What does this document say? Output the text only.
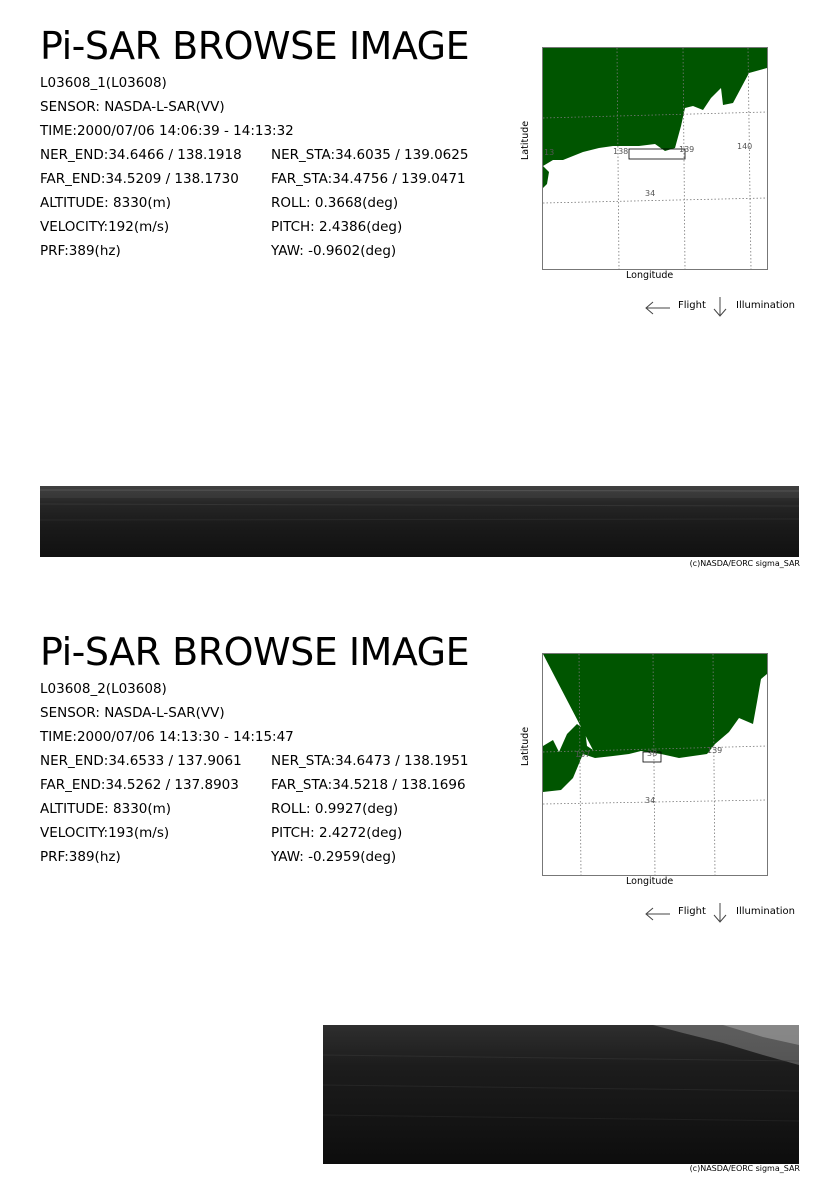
Pi-SAR BROWSE IMAGE
L03608_1(L03608)
SENSOR: NASDA-L-SAR(VV)
TIME:2000/07/06 14:06:39 - 14:13:32
NER_END:34.6466 / 138.1918 NER_STA:34.6035 / 139.0625
FAR_END:34.5209 / 138.1730 FAR_STA:34.4756 / 139.0471
ALTITUDE: 8330(m)	ROLL: 0.3668(deg)
VELOCITY:192(m/s)	PITCH: 2.4386(deg)
PRF:389(hz)	YAW: -0.9602(deg)
13	138	139	140
34
Longitude
Latitude
Flight	Illumination
(c)NASDA/EORC sigma_SAR
Pi-SAR BROWSE IMAGE
L03608_2(L03608)
SENSOR: NASDA-L-SAR(VV)
TIME:2000/07/06 14:13:30 - 14:15:47
NER_END:34.6533 / 137.9061 NER_STA:34.6473 / 138.1951
FAR_END:34.5262 / 137.8903 FAR_STA:34.5218 / 138.1696
ALTITUDE: 8330(m)	ROLL: 0.9927(deg)
VELOCITY:193(m/s)	PITCH: 2.4272(deg)
PRF:389(hz)	YAW: -0.2959(deg)
137	38	139
34
Longitude
Latitude
Flight	Illumination
(c)NASDA/EORC sigma_SAR
